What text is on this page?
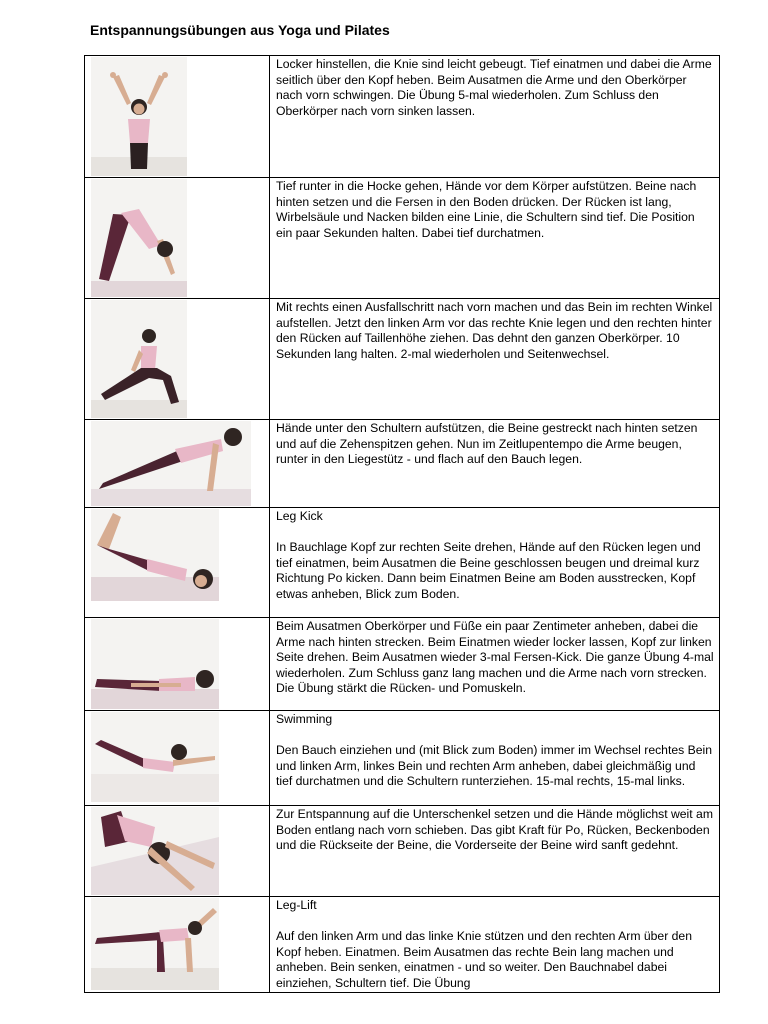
Entspannungsübungen aus Yoga und Pilates
	Locker hinstellen, die Knie sind leicht gebeugt. Tief einatmen und dabei die Arme seitlich über den Kopf heben. Beim Ausatmen die Arme und den Oberkörper nach vorn schwingen. Die Übung 5-mal wiederholen. Zum Schluss den Oberkörper nach vorn sinken lassen.

	Tief runter in die Hocke gehen, Hände vor dem Körper aufstützen. Beine nach hinten setzen und die Fersen in den Boden drücken. Der Rücken ist lang, Wirbelsäule und Nacken bilden eine Linie, die Schultern sind tief. Die Position ein paar Sekunden halten. Dabei tief durchatmen.

	Mit rechts einen Ausfallschritt nach vorn machen und das Bein im rechten Winkel aufstellen. Jetzt den linken Arm vor das rechte Knie legen und den rechten hinter den Rücken auf Taillenhöhe ziehen. Das dehnt den ganzen Oberkörper. 10 Sekunden lang halten. 2-mal wiederholen und Seitenwechsel.

	Hände unter den Schultern aufstützen, die Beine gestreckt nach hinten setzen und auf die Zehenspitzen gehen. Nun im Zeitlupentempo die Arme beugen, runter in den Liegestütz - und flach auf den Bauch legen.

Leg Kick
In Bauchlage Kopf zur rechten Seite drehen, Hände auf den Rücken legen und tief einatmen, beim Ausatmen die Beine geschlossen beugen und dreimal kurz Richtung Po kicken. Dann beim Einatmen Beine am Boden ausstrecken, Kopf etwas anheben, Blick zum Boden.

	Beim Ausatmen Oberkörper und Füße ein paar Zentimeter anheben, dabei die Arme nach hinten strecken. Beim Einatmen wieder locker lassen, Kopf zur linken Seite drehen. Beim Ausatmen wieder 3-mal Fersen-Kick. Die ganze Übung 4-mal wiederholen. Zum Schluss ganz lang machen und die Arme nach vorn strecken. Die Übung stärkt die Rücken- und Pomuskeln.

Swimming
Den Bauch einziehen und (mit Blick zum Boden) immer im Wechsel rechtes Bein und linken Arm, linkes Bein und rechten Arm anheben, dabei gleichmäßig und tief durchatmen und die Schultern runterziehen. 15-mal rechts, 15-mal links.

	Zur Entspannung auf die Unterschenkel setzen und die Hände möglichst weit am Boden entlang nach vorn schieben. Das gibt Kraft für Po, Rücken, Beckenboden und die Rückseite der Beine, die Vorderseite der Beine wird sanft gedehnt.

Leg-Lift
Auf den linken Arm und das linke Knie stützen und den rechten Arm über den Kopf heben. Einatmen. Beim Ausatmen das rechte Bein lang machen und anheben. Bein senken, einatmen - und so weiter. Den Bauchnabel dabei einziehen, Schultern tief. Die Übung
